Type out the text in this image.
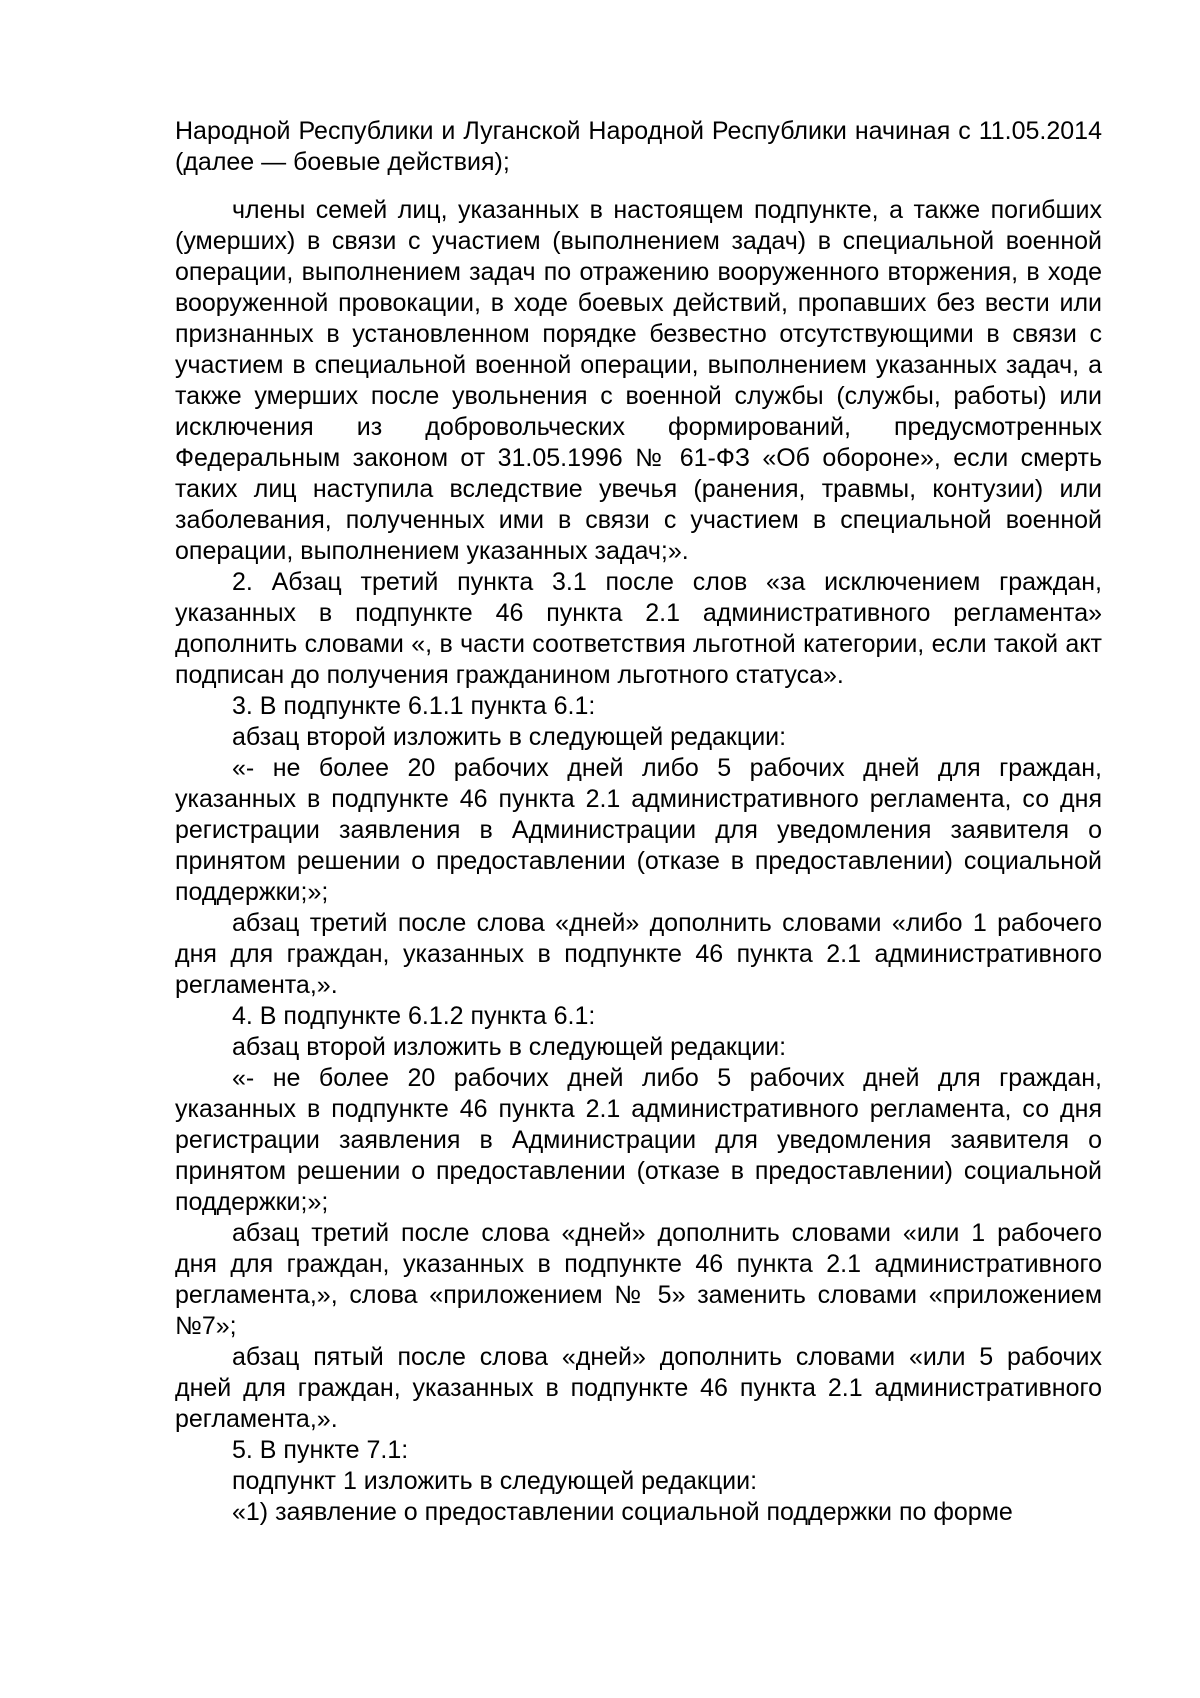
Народной Республики и Луганской Народной Республики начиная с 11.05.2014 (далее — боевые действия);

члены семей лиц, указанных в настоящем подпункте, а также погибших (умерших) в связи с участием (выполнением задач) в специальной военной операции, выполнением задач по отражению вооруженного вторжения, в ходе вооруженной провокации, в ходе боевых действий, пропавших без вести или признанных в установленном порядке безвестно отсутствующими в связи с участием в специальной военной операции, выполнением указанных задач, а также умерших после увольнения с военной службы (службы, работы) или исключения из добровольческих формирований, предусмотренных Федеральным законом от 31.05.1996 № 61-ФЗ «Об обороне», если смерть таких лиц наступила вследствие увечья (ранения, травмы, контузии) или заболевания, полученных ими в связи с участием в специальной военной операции, выполнением указанных задач;».

2. Абзац третий пункта 3.1 после слов «за исключением граждан, указанных в подпункте 46 пункта 2.1 административного регламента» дополнить словами «, в части соответствия льготной категории, если такой акт подписан до получения гражданином льготного статуса».

3. В подпункте 6.1.1 пункта 6.1:

абзац второй изложить в следующей редакции:

«- не более 20 рабочих дней либо 5 рабочих дней для граждан, указанных в подпункте 46 пункта 2.1 административного регламента, со дня регистрации заявления в Администрации для уведомления заявителя о принятом решении о предоставлении (отказе в предоставлении) социальной поддержки;»;

абзац третий после слова «дней» дополнить словами «либо 1 рабочего дня для граждан, указанных в подпункте 46 пункта 2.1 административного регламента,».

4. В подпункте 6.1.2 пункта 6.1:

абзац второй изложить в следующей редакции:

«- не более 20 рабочих дней либо 5 рабочих дней для граждан, указанных в подпункте 46 пункта 2.1 административного регламента, со дня регистрации заявления в Администрации для уведомления заявителя о принятом решении о предоставлении (отказе в предоставлении) социальной поддержки;»;

абзац третий после слова «дней» дополнить словами «или 1 рабочего дня для граждан, указанных в подпункте 46 пункта 2.1 административного регламента,», слова «приложением № 5» заменить словами «приложением №7»;

абзац пятый после слова «дней» дополнить словами «или 5 рабочих дней для граждан, указанных в подпункте 46 пункта 2.1 административного регламента,».

5. В пункте 7.1:

подпункт 1 изложить в следующей редакции:

«1) заявление о предоставлении социальной поддержки по форме
